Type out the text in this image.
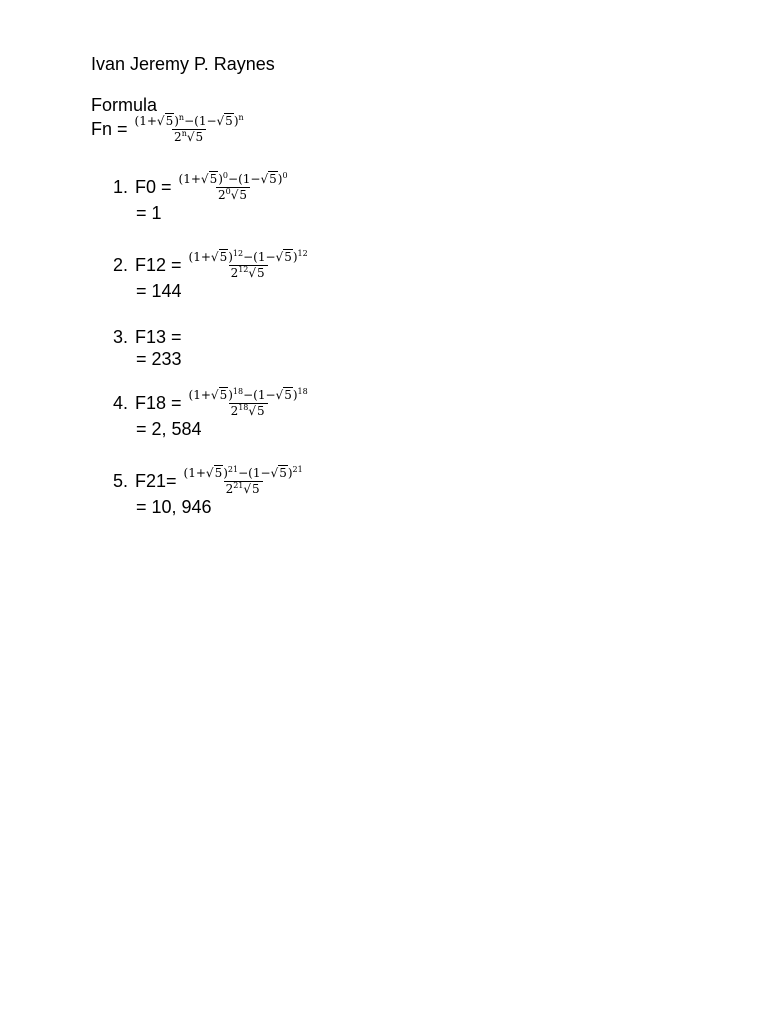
Ivan Jeremy P. Raynes
Formula
$Fn = \frac{(1+√5)^n-(1-√5)^n}{2^n√5}$
1. $F0 = \frac{(1+√5)^0-(1-√5)^0}{2^0√5}$
= 1
2. $F12 = \frac{(1+√5)^{12}-(1-√5)^{12}}{2^{12}√5}$
= 144
3. F13 =
= 233
4. $F18 = \frac{(1+√5)^{18}-(1-√5)^{18}}{2^{18}√5}$
= 2, 584
5. $F21= \frac{(1+√5)^{21}-(1-√5)^{21}}{2^{21}√5}$
= 10, 946
